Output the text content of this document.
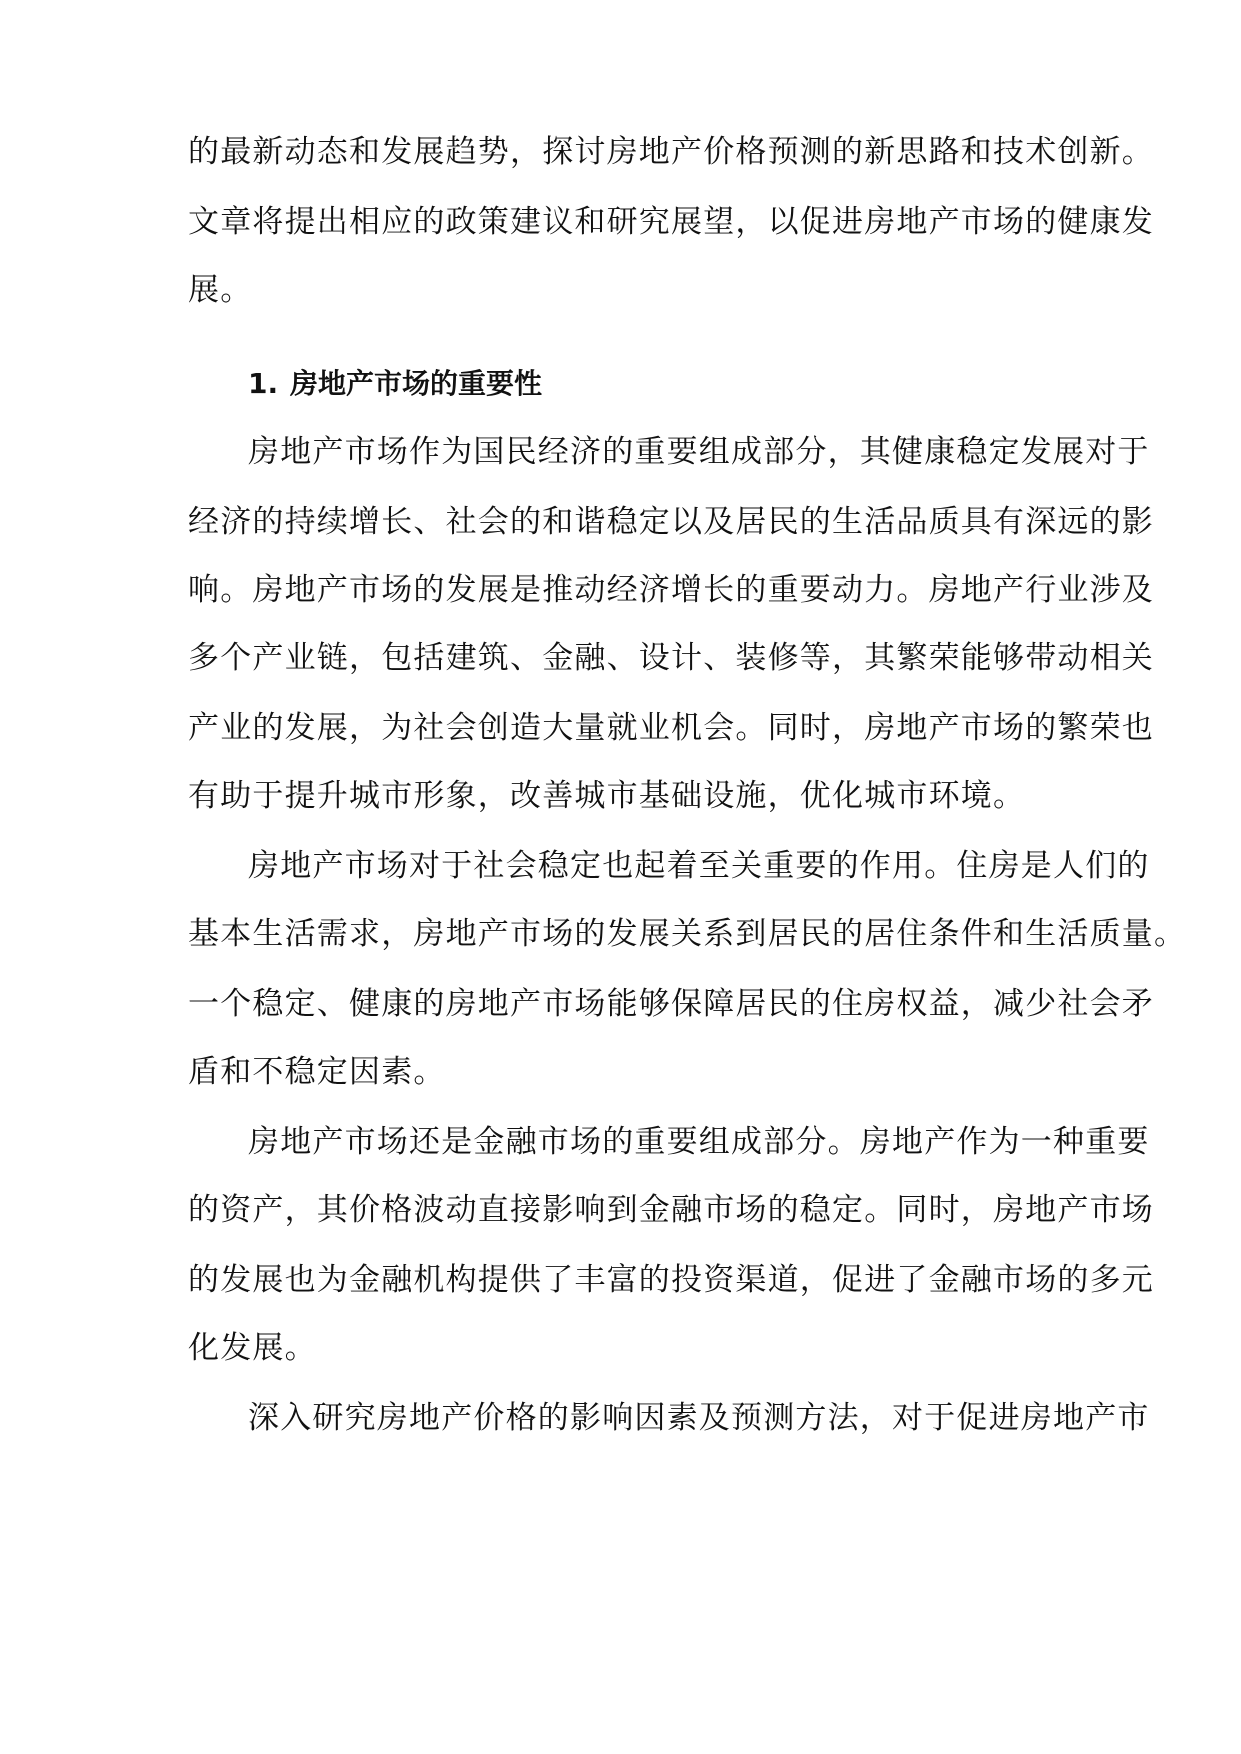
的最新动态和发展趋势，探讨房地产价格预测的新思路和技术创新。
文章将提出相应的政策建议和研究展望，以促进房地产市场的健康发
展。
1. 房地产市场的重要性
房地产市场作为国民经济的重要组成部分，其健康稳定发展对于
经济的持续增长、社会的和谐稳定以及居民的生活品质具有深远的影
响。房地产市场的发展是推动经济增长的重要动力。房地产行业涉及
多个产业链，包括建筑、金融、设计、装修等，其繁荣能够带动相关
产业的发展，为社会创造大量就业机会。同时，房地产市场的繁荣也
有助于提升城市形象，改善城市基础设施，优化城市环境。
房地产市场对于社会稳定也起着至关重要的作用。住房是人们的
基本生活需求，房地产市场的发展关系到居民的居住条件和生活质量。
一个稳定、健康的房地产市场能够保障居民的住房权益，减少社会矛
盾和不稳定因素。
房地产市场还是金融市场的重要组成部分。房地产作为一种重要
的资产，其价格波动直接影响到金融市场的稳定。同时，房地产市场
的发展也为金融机构提供了丰富的投资渠道，促进了金融市场的多元
化发展。
深入研究房地产价格的影响因素及预测方法，对于促进房地产市
